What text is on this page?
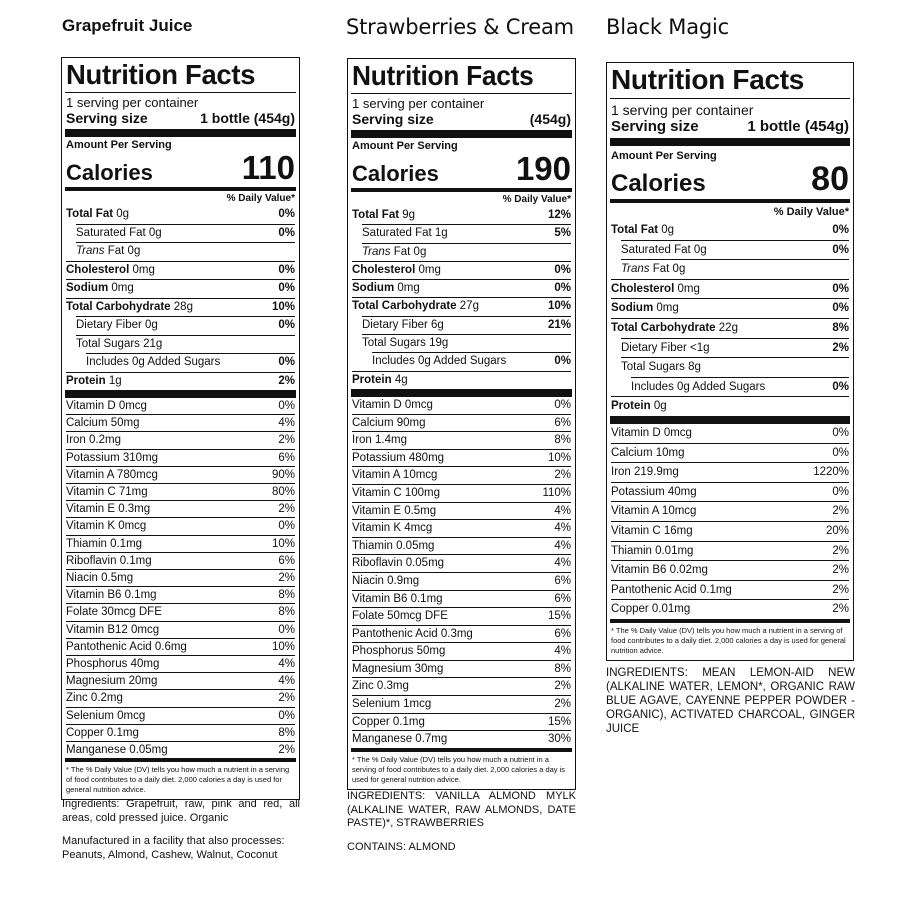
Grapefruit Juice
Nutrition Facts
1 serving per container
Serving size	1 bottle (454g)
Amount Per Serving
Calories	110
% Daily Value*
Total Fat 0g	0%
Saturated Fat 0g	0%
Trans Fat 0g
Cholesterol 0mg	0%
Sodium 0mg	0%
Total Carbohydrate 28g	10%
Dietary Fiber 0g	0%
Total Sugars 21g
Includes 0g Added Sugars	0%
Protein 1g	2%
Vitamin D 0mcg	0%
Calcium 50mg	4%
Iron 0.2mg	2%
Potassium 310mg	6%
Vitamin A 780mcg	90%
Vitamin C 71mg	80%
Vitamin E 0.3mg	2%
Vitamin K 0mcg	0%
Thiamin 0.1mg	10%
Riboflavin 0.1mg	6%
Niacin 0.5mg	2%
Vitamin B6 0.1mg	8%
Folate 30mcg DFE	8%
Vitamin B12 0mcg	0%
Pantothenic Acid 0.6mg	10%
Phosphorus 40mg	4%
Magnesium 20mg	4%
Zinc 0.2mg	2%
Selenium 0mcg	0%
Copper 0.1mg	8%
Manganese 0.05mg	2%
* The % Daily Value (DV) tells you how much a nutrient in a serving of food contributes to a daily diet. 2,000 calories a day is used for general nutrition advice.

Ingredients: Grapefruit, raw, pink and red, all areas, cold pressed juice. Organic

Manufactured in a facility that also processes: Peanuts, Almond, Cashew, Walnut, Coconut

Strawberries & Cream
Nutrition Facts
1 serving per container
Serving size	(454g)
Amount Per Serving
Calories 190
% Daily Value*
Total Fat 9g	12%
Saturated Fat 1g	5%
Trans Fat 0g
Cholesterol 0mg	0%
Sodium 0mg	0%
Total Carbohydrate 27g	10%
Dietary Fiber 6g	21%
Total Sugars 19g
Includes 0g Added Sugars	0%
Protein 4g
Vitamin D 0mcg	0%
Calcium 90mg	6%
Iron 1.4mg	8%
Potassium 480mg	10%
Vitamin A 10mcg	2%
Vitamin C 100mg	110%
Vitamin E 0.5mg	4%
Vitamin K 4mcg	4%
Thiamin 0.05mg	4%
Riboflavin 0.05mg	4%
Niacin 0.9mg	6%
Vitamin B6 0.1mg	6%
Folate 50mcg DFE	15%
Pantothenic Acid 0.3mg	6%
Phosphorus 50mg	4%
Magnesium 30mg	8%
Zinc 0.3mg	2%
Selenium 1mcg	2%
Copper 0.1mg	15%
Manganese 0.7mg	30%
* The % Daily Value (DV) tells you how much a nutrient in a serving of food contributes to a daily diet. 2,000 calories a day is used for general nutrition advice.

INGREDIENTS: VANILLA ALMOND MYLK (ALKALINE WATER, RAW ALMONDS, DATE PASTE)*, STRAWBERRIES

CONTAINS: ALMOND

Black Magic
Nutrition Facts
1 serving per container
Serving size	1 bottle (454g)
Amount Per Serving
Calories	80
% Daily Value*
Total Fat 0g	0%
Saturated Fat 0g	0%
Trans Fat 0g
Cholesterol 0mg	0%
Sodium 0mg	0%
Total Carbohydrate 22g	8%
Dietary Fiber <1g	2%
Total Sugars 8g
Includes 0g Added Sugars	0%
Protein 0g
Vitamin D 0mcg	0%
Calcium 10mg	0%
Iron 219.9mg	1220%
Potassium 40mg	0%
Vitamin A 10mcg	2%
Vitamin C 16mg	20%
Thiamin 0.01mg	2%
Vitamin B6 0.02mg	2%
Pantothenic Acid 0.1mg	2%
Copper 0.01mg	2%
* The % Daily Value (DV) tells you how much a nutrient in a serving of food contributes to a daily diet. 2,000 calories a day is used for general nutrition advice.

INGREDIENTS: MEAN LEMON-AID NEW (ALKALINE WATER, LEMON*, ORGANIC RAW BLUE AGAVE, CAYENNE PEPPER POWDER - ORGANIC), ACTIVATED CHARCOAL, GINGER JUICE
